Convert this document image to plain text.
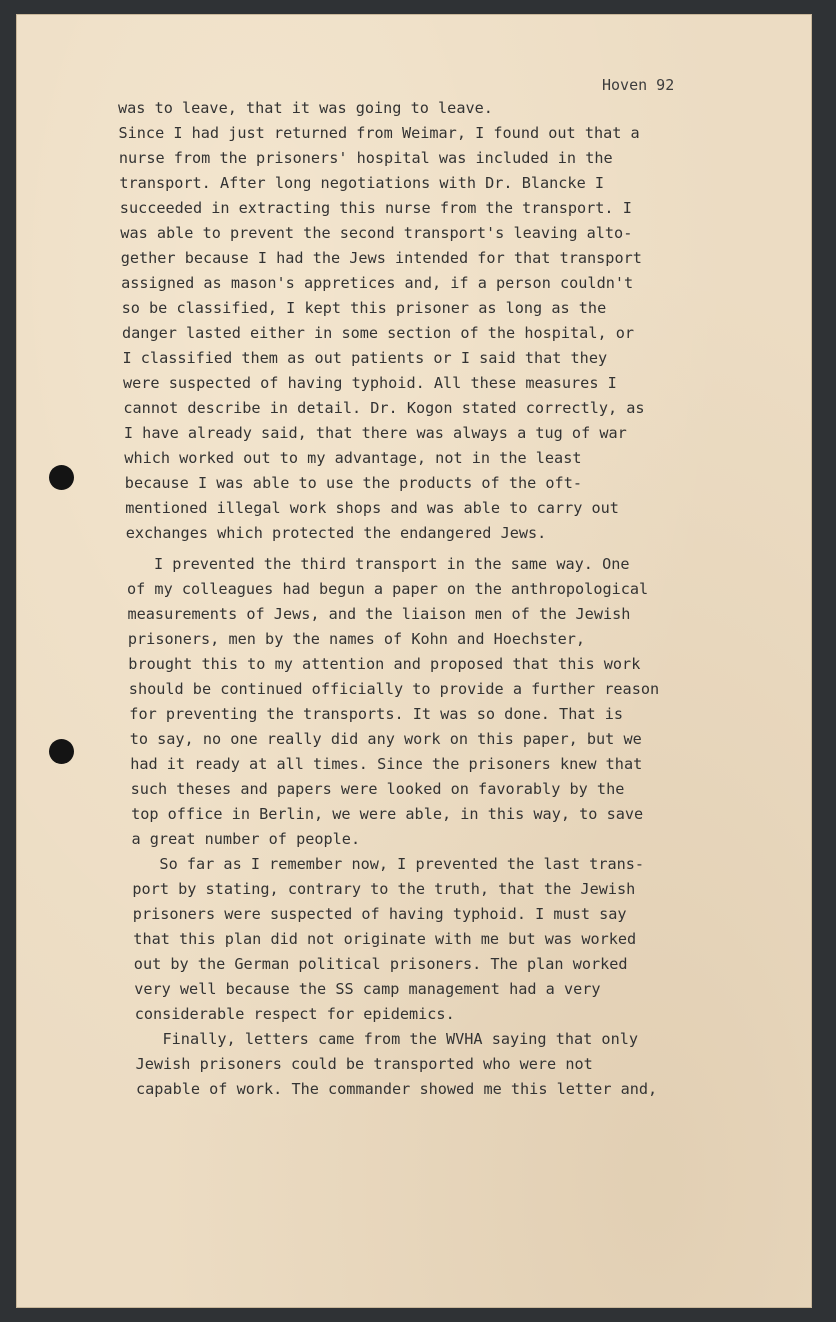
Hoven 92
was to leave, that it was going to leave.
Since I had just returned from Weimar, I found out that a
nurse from the prisoners' hospital was included in the
transport. After long negotiations with Dr. Blancke I
succeeded in extracting this nurse from the transport. I
was able to prevent the second transport's leaving alto-
gether because I had the Jews intended for that transport
assigned as mason's appretices and, if a person couldn't
so be classified, I kept this prisoner as long as the
danger lasted either in some section of the hospital, or
I classified them as out patients or I said that they
were suspected of having typhoid. All these measures I
cannot describe in detail. Dr. Kogon stated correctly, as
I have already said, that there was always a tug of war
which worked out to my advantage, not in the least
because I was able to use the products of the oft-
mentioned illegal work shops and was able to carry out
exchanges which protected the endangered Jews.
I prevented the third transport in the same way. One
of my colleagues had begun a paper on the anthropological
measurements of Jews, and the liaison men of the Jewish
prisoners, men by the names of Kohn and Hoechster,
brought this to my attention and proposed that this work
should be continued officially to provide a further reason
for preventing the transports. It was so done. That is
to say, no one really did any work on this paper, but we
had it ready at all times. Since the prisoners knew that
such theses and papers were looked on favorably by the
top office in Berlin, we were able, in this way, to save
a great number of people.
So far as I remember now, I prevented the last trans-
port by stating, contrary to the truth, that the Jewish
prisoners were suspected of having typhoid. I must say
that this plan did not originate with me but was worked
out by the German political prisoners. The plan worked
very well because the SS camp management had a very
considerable respect for epidemics.
Finally, letters came from the WVHA saying that only
Jewish prisoners could be transported who were not
capable of work. The commander showed me this letter and,
